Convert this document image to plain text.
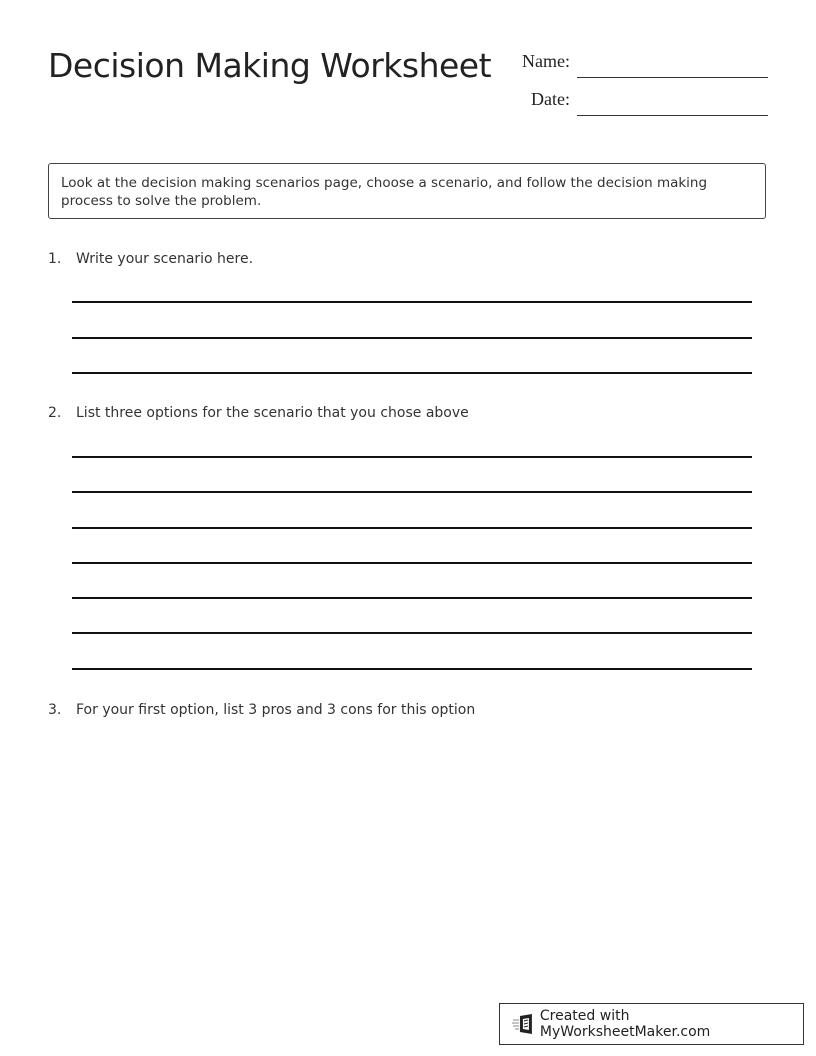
Decision Making Worksheet Name:
Date:
Look at the decision making scenarios page, choose a scenario, and follow the decision making process to solve the problem.
1. Write your scenario here.
2. List three options for the scenario that you chose above
3. For your first option, list 3 pros and 3 cons for this option
Created with MyWorksheetMaker.com
